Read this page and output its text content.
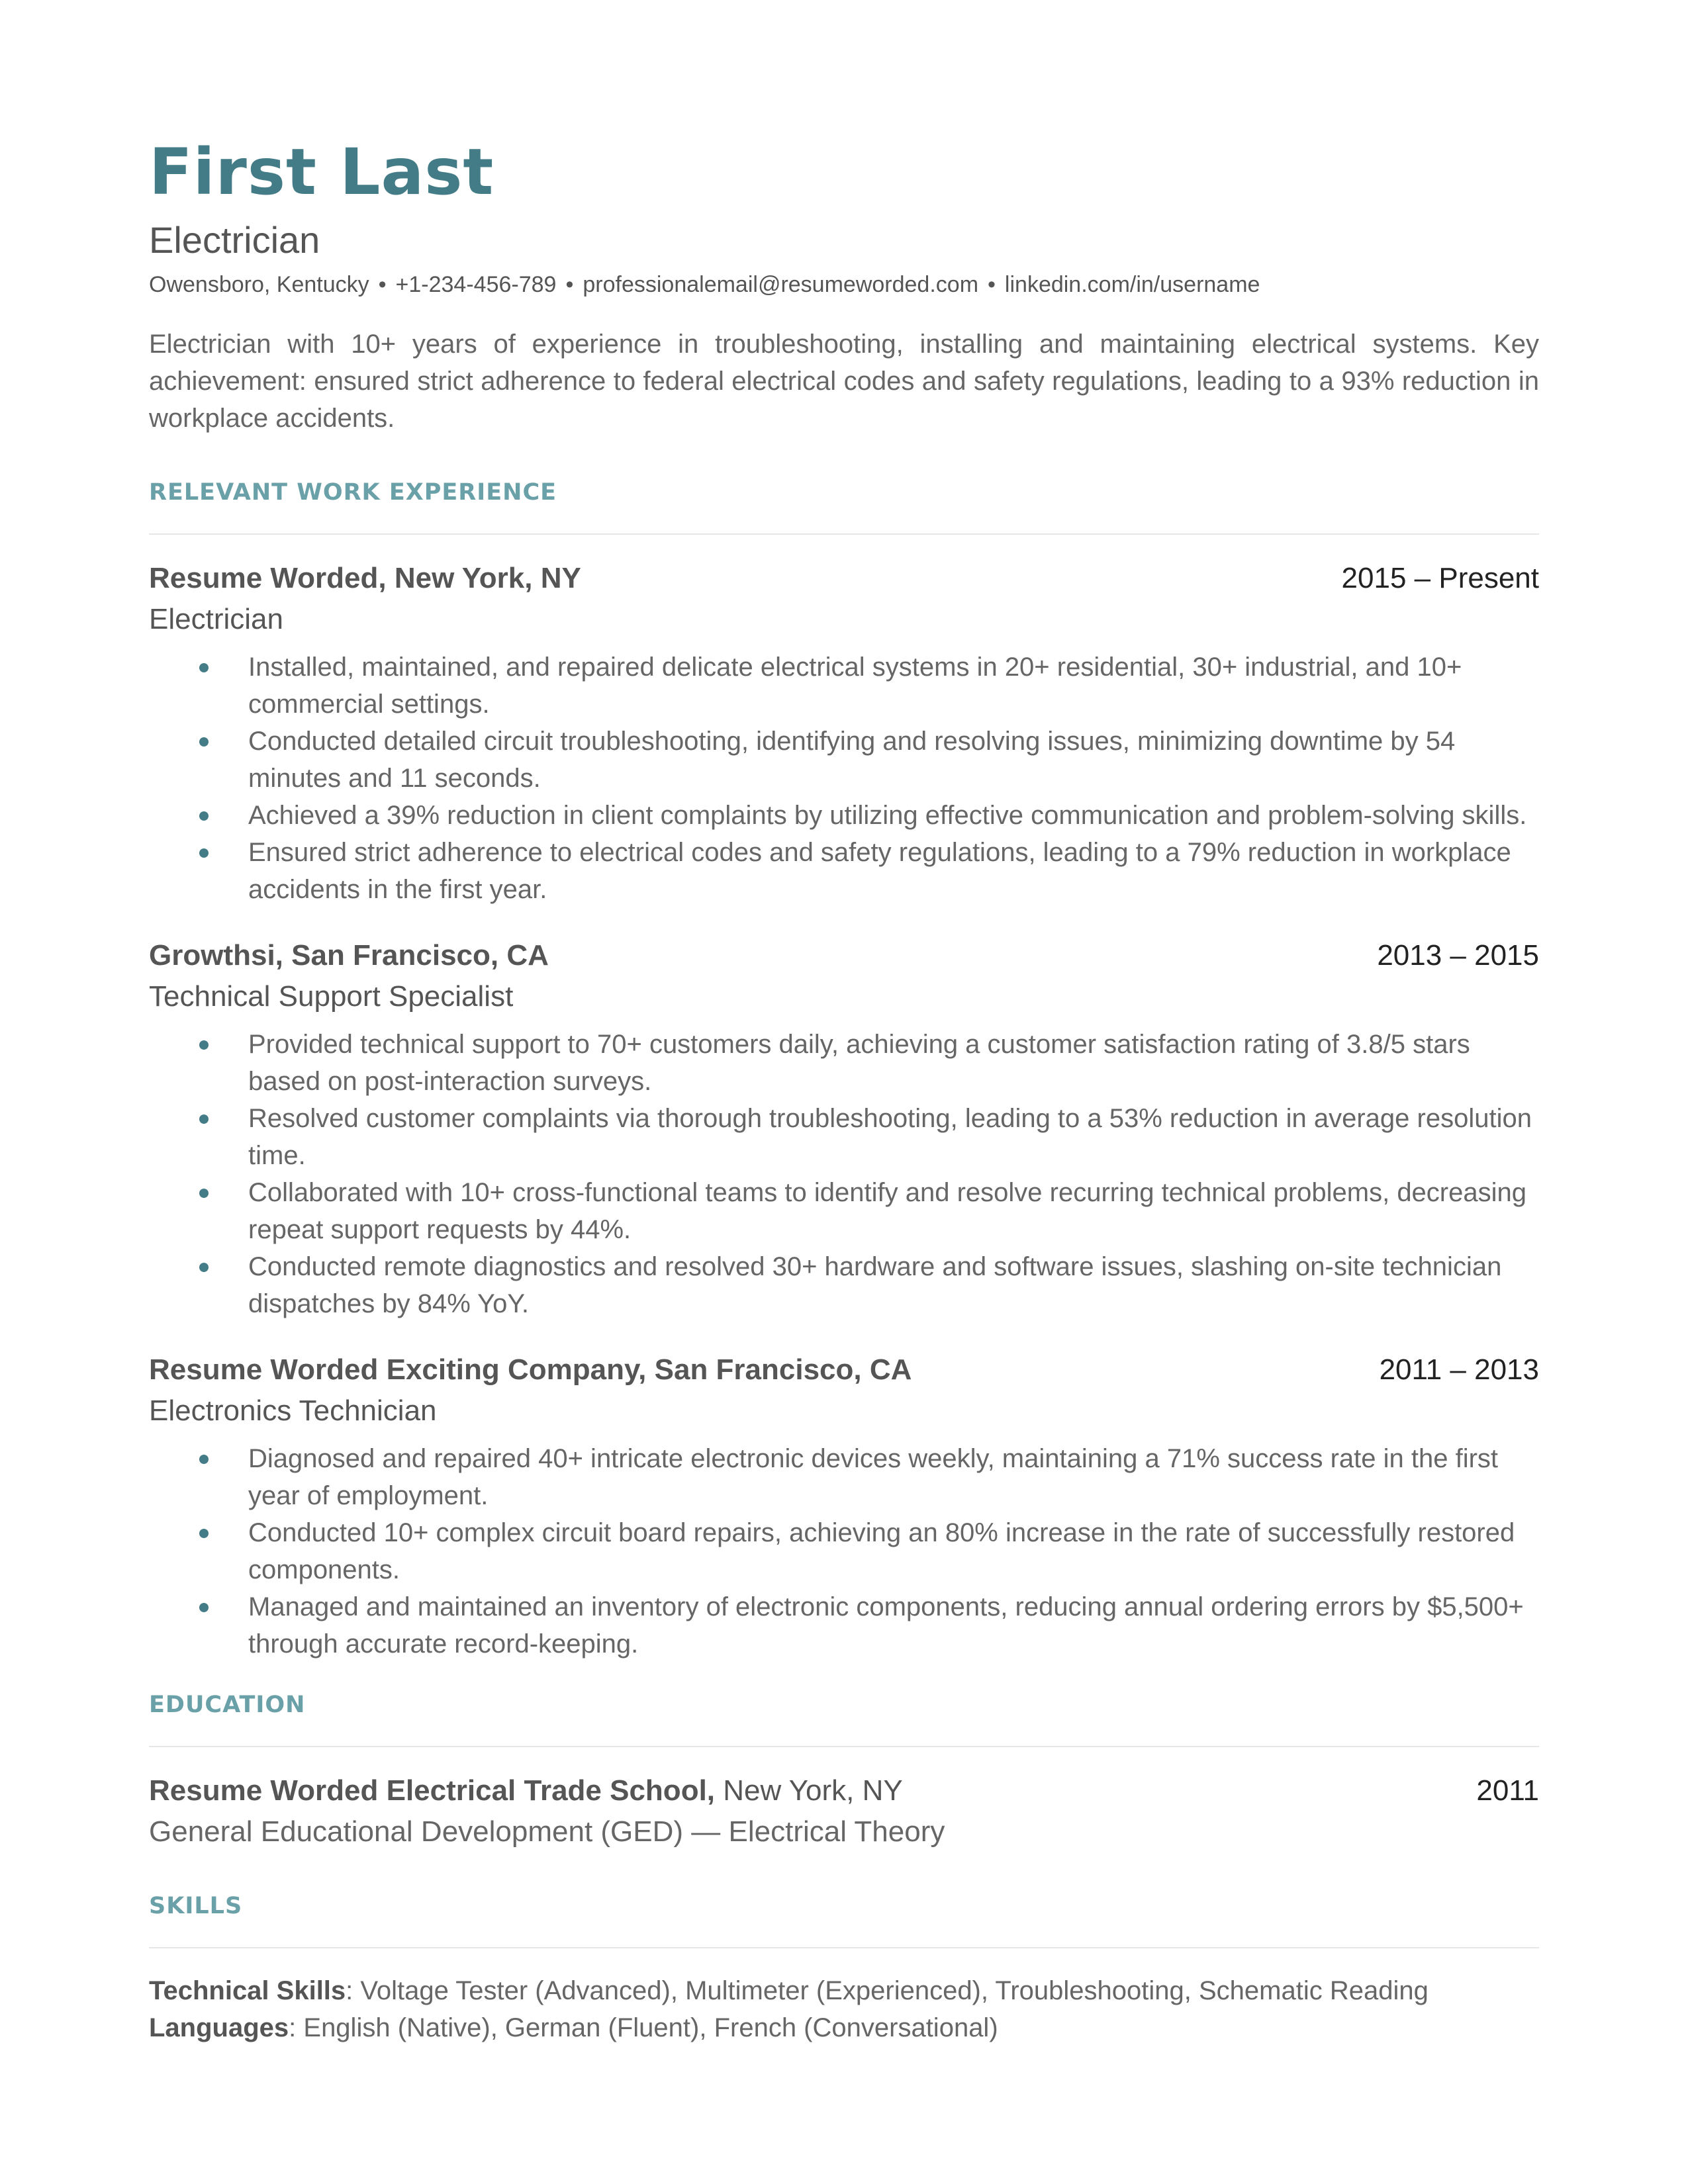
First Last
Electrician
Owensboro, Kentucky • +1-234-456-789 • professionalemail@resumeworded.com • linkedin.com/in/username

Electrician with 10+ years of experience in troubleshooting, installing and maintaining electrical systems. Key achievement: ensured strict adherence to federal electrical codes and safety regulations, leading to a 93% reduction in workplace accidents.

RELEVANT WORK EXPERIENCE
Resume Worded, New York, NY	2015 – Present
Electrician
Installed, maintained, and repaired delicate electrical systems in 20+ residential, 30+ industrial, and 10+ commercial settings.
Conducted detailed circuit troubleshooting, identifying and resolving issues, minimizing downtime by 54 minutes and 11 seconds.
Achieved a 39% reduction in client complaints by utilizing effective communication and problem-solving skills.
Ensured strict adherence to electrical codes and safety regulations, leading to a 79% reduction in workplace accidents in the first year.
Growthsi, San Francisco, CA	2013 – 2015
Technical Support Specialist
Provided technical support to 70+ customers daily, achieving a customer satisfaction rating of 3.8/5 stars based on post-interaction surveys.
Resolved customer complaints via thorough troubleshooting, leading to a 53% reduction in average resolution time.
Collaborated with 10+ cross-functional teams to identify and resolve recurring technical problems, decreasing repeat support requests by 44%.
Conducted remote diagnostics and resolved 30+ hardware and software issues, slashing on-site technician dispatches by 84% YoY.
Resume Worded Exciting Company, San Francisco, CA	2011 – 2013
Electronics Technician
Diagnosed and repaired 40+ intricate electronic devices weekly, maintaining a 71% success rate in the first year of employment.
Conducted 10+ complex circuit board repairs, achieving an 80% increase in the rate of successfully restored components.
Managed and maintained an inventory of electronic components, reducing annual ordering errors by $5,500+ through accurate record-keeping.
EDUCATION
Resume Worded Electrical Trade School, New York, NY	2011
General Educational Development (GED) — Electrical Theory
SKILLS
Technical Skills: Voltage Tester (Advanced), Multimeter (Experienced), Troubleshooting, Schematic Reading
Languages: English (Native), German (Fluent), French (Conversational)
